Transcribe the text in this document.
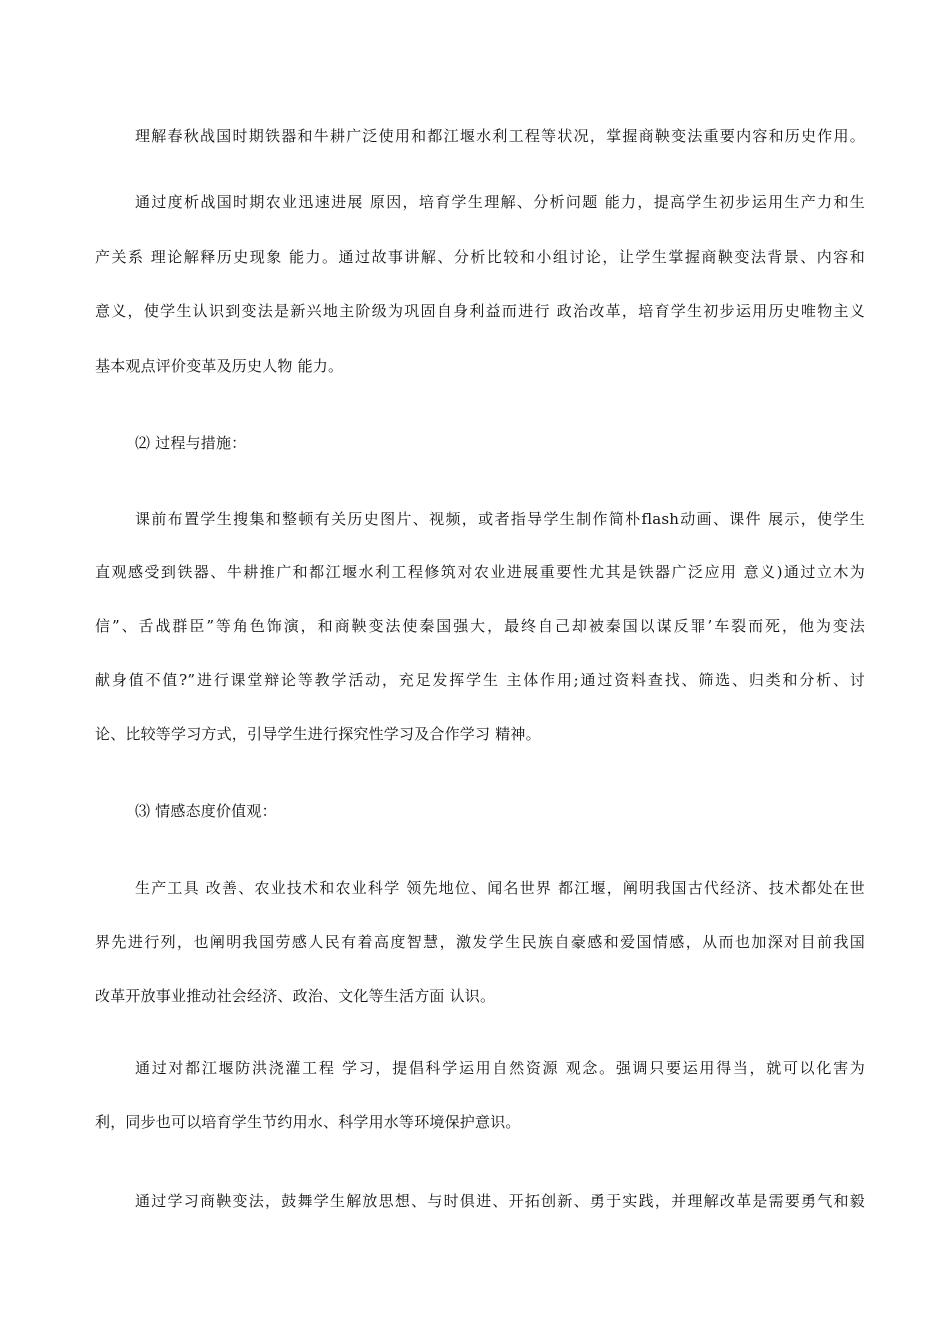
理解春秋战国时期铁器和牛耕广泛使用和都江堰水利工程等状况，掌握商鞅变法重要内容和历史作用。
通过度析战国时期农业迅速进展 原因，培育学生理解、分析问题 能力，提高学生初步运用生产力和生
产关系 理论解释历史现象 能力。通过故事讲解、分析比较和小组讨论，让学生掌握商鞅变法背景、内容和
意义，使学生认识到变法是新兴地主阶级为巩固自身利益而进行 政治改革，培育学生初步运用历史唯物主义
基本观点评价变革及历史人物 能力。
⑵ 过程与措施：
课前布置学生搜集和整顿有关历史图片、视频，或者指导学生制作简朴flash动画、课件 展示，使学生
直观感受到铁器、牛耕推广和都江堰水利工程修筑对农业进展重要性尤其是铁器广泛应用 意义)通过立木为
信”、舌战群臣”等角色饰演，和商鞅变法使秦国强大，最终自己却被秦国以谋反罪’车裂而死，他为变法
献身值不值?”进行课堂辩论等教学活动，充足发挥学生 主体作用;通过资料查找、筛选、归类和分析、讨
论、比较等学习方式，引导学生进行探究性学习及合作学习 精神。
⑶ 情感态度价值观：
生产工具 改善、农业技术和农业科学 领先地位、闻名世界 都江堰，阐明我国古代经济、技术都处在世
界先进行列，也阐明我国劳感人民有着高度智慧，激发学生民族自豪感和爱国情感，从而也加深对目前我国
改革开放事业推动社会经济、政治、文化等生活方面 认识。
通过对都江堰防洪浇灌工程 学习，提倡科学运用自然资源 观念。强调只要运用得当，就可以化害为
利，同步也可以培育学生节约用水、科学用水等环境保护意识。
通过学习商鞅变法，鼓舞学生解放思想、与时俱进、开拓创新、勇于实践，并理解改革是需要勇气和毅
